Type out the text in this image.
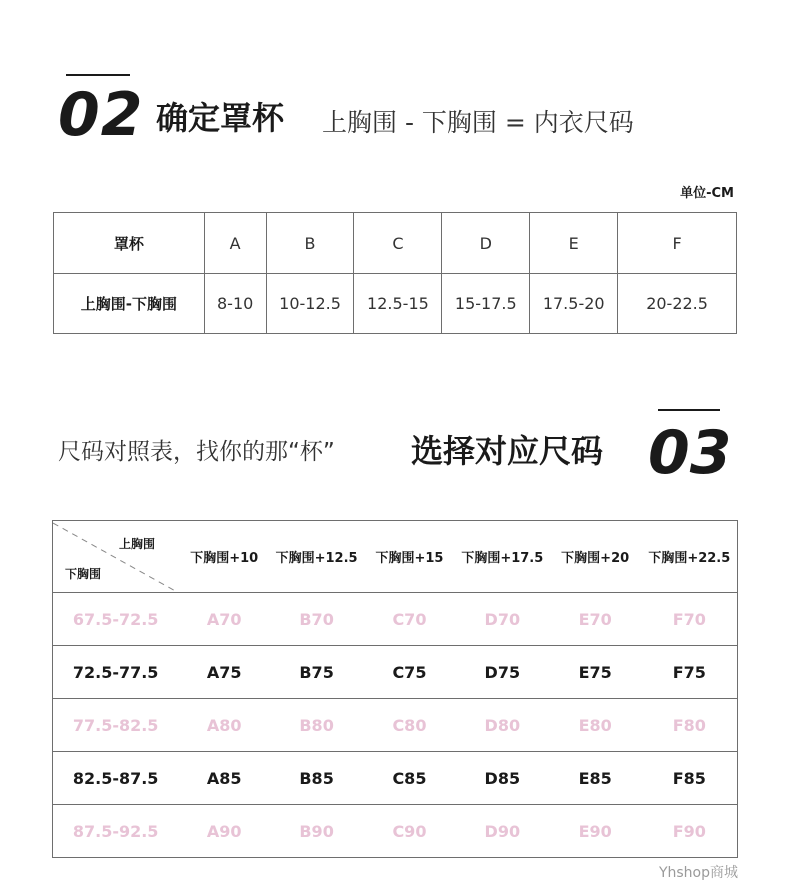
02 确定罩杯 上胸围 - 下胸围 = 内衣尺码
单位-CM
罩杯	A	B	C	D	E	F
上胸围-下胸围	8-10	10-12.5	12.5-15	15-17.5	17.5-20	20-22.5
尺码对照表，找你的那“杯” 选择对应尺码 03
上胸围
下胸围	下胸围+10	下胸围+12.5	下胸围+15	下胸围+17.5	下胸围+20	下胸围+22.5
67.5-72.5	A70	B70	C70	D70	E70	F70
72.5-77.5	A75	B75	C75	D75	E75	F75
77.5-82.5	A80	B80	C80	D80	E80	F80
82.5-87.5	A85	B85	C85	D85	E85	F85
87.5-92.5	A90	B90	C90	D90	E90	F90
Yhshop商城
